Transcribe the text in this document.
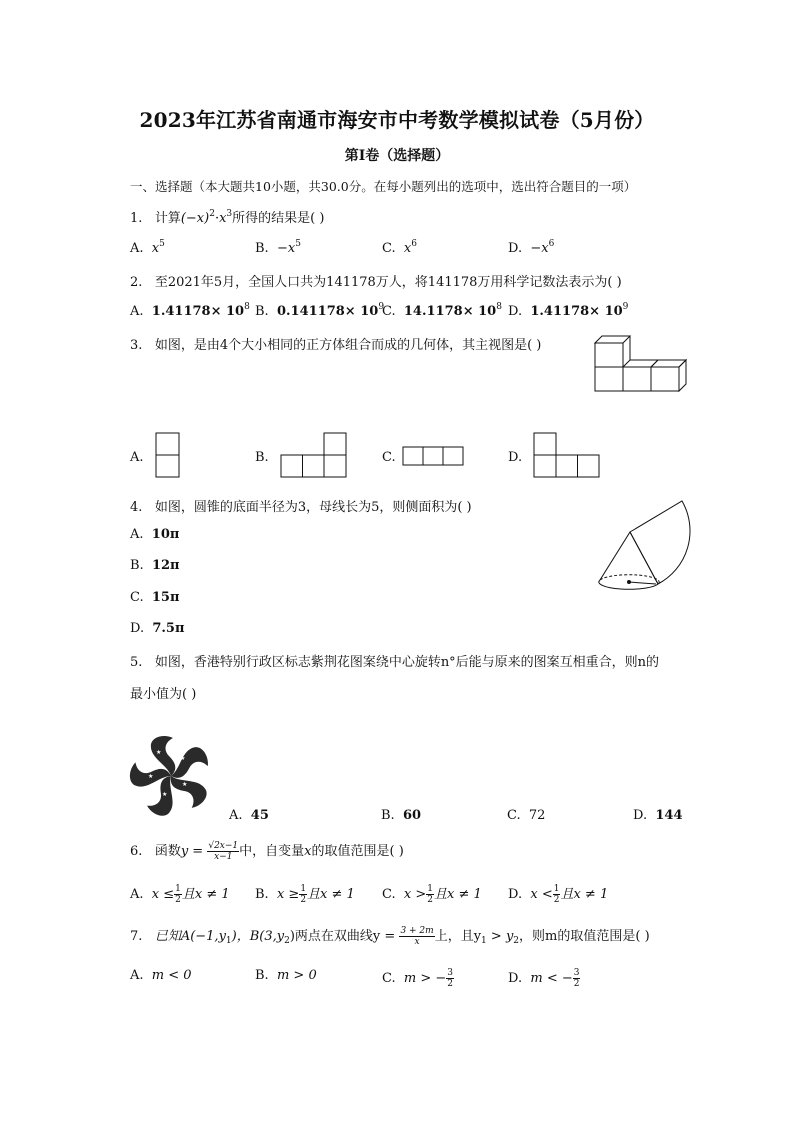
2023年江苏省南通市海安市中考数学模拟试卷（5月份）
第I卷（选择题）
一、选择题（本大题共10小题，共30.0分。在每小题列出的选项中，选出符合题目的一项）
1. 计算$(-x)^2\cdot x^3$所得的结果是( )
A. $x^5$	B. $-x^5$	C. $x^6$	D. $-x^6$
2. 至2021年5月，全国人口共为141178万人，将141178万用科学记数法表示为( )
A. $1.41178\times 10^8$ B. $0.141178\times 10^9$
C. $14.1178\times 10^8$ D. $1.41178\times 10^9$
3. 如图，是由4个大小相同的正方体组合而成的几何体，其主视图是( )
A.	B.	C.	D.
4. 如图，圆锥的底面半径为3，母线长为5，则侧面积为( )
A. 10π
B. 12π
C. 15π
D. 7.5π
5. 如图，香港特别行政区标志紫荆花图案绕中心旋转n°后能与原来的图案互相重合，则n的
最小值为( )
★
★
★
★
★
A. 45	B. 60	C. 72	D. 144
6. 函数$y = \frac{√2x-1}{x-1}$ 中，自变量x的取值范围是( )
A. $x \le \frac{1}{2}$ 且x ≠ 1 B. $x \ge \frac{1}{2}$ 且x ≠ 1 C. $x > \frac{1}{2}$ 且x ≠ 1 D. $x < \frac{1}{2}$ 且x ≠ 1
7. 已知$A(-1,y_1)$，$B(3,y_2)$两点在双曲线$y = \frac{3 + 2m}{x}$ 上，且$y_1 > y_2$，则m的取值范围是( )
A. m < 0	B. m > 0	C. m > − $\frac{3}{2}$	D. m < − $\frac{3}{2}$
